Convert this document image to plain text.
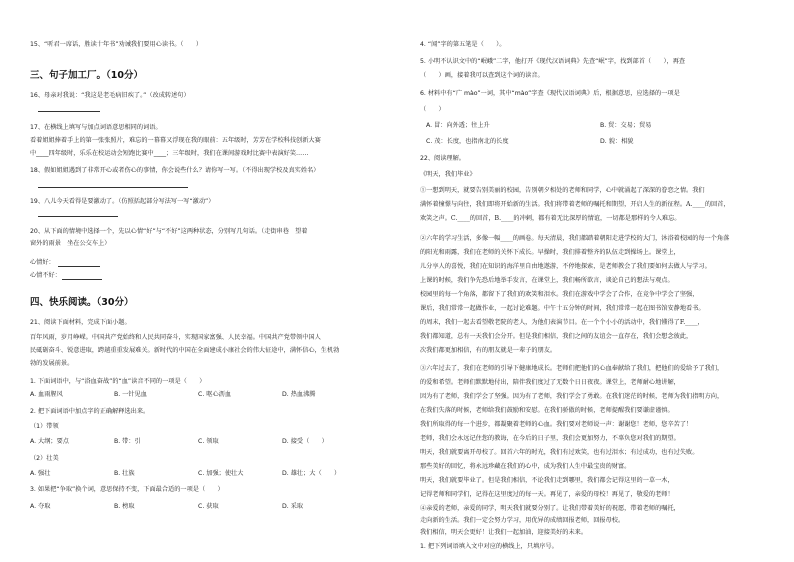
15、“听君一席话，胜读十年书”劝诫我们要用心读书。（　　）
三、句子加工厂。（10分）
16、母亲对我说：“我这是老毛病旧疾了。”（改成转述句）
17、在横线上填写与加点词语意思相同的词语。
看着姐姐捧着手上的第一张张照片，难忘的一幕幕又浮现在我的眼前：五年级时，芳芳在学校科技创新大赛
中____四年级时，乐乐在校运动会短跑比赛中____；三年级时，我们在课间游戏时比赛中表演好笑……
18、假如姐姐遇到了非常开心或者伤心的事情，你会说些什么？请你写一写。（不得出现学校及真实姓名）
19、八儿今天看得是要激动了。（仿照括起部分写法写一写“激动”）
20、从下面的情境中选择一个，先以心情“好”与“不好”这两种状态，分别写几句话。（走街串巷　望着
窗外的雨景　坐在公交车上）
心情好：
心情不好：
四、快乐阅读。（30分）
21、阅读下面材料，完成下面小题。
百年风雨，岁月峥嵘。中国共产党始终和人民共同奋斗，实现国家富强、人民幸福。中国共产党带领中国人
民砥砺奋斗、锐意进取，跨越重重发展难关。新时代的中国在全面建成小康社会的伟大征途中，满怀信心，生机勃
勃的发展前景。
1. 下面词语中，与“浴血奋战”的“血”读音不同的一项是（　　）
A. 血雨腥风	B. 一针见血	C. 呕心沥血	D. 热血沸腾
2. 把下面词语中加点字的正确解释选出来。
（1）带领
A. 大纲；要点	B. 带：引	C. 领取	D. 接受（　　）
（2）壮美
A. 强壮	B. 壮族	C. 加强；使壮大	D. 雄壮；大（　　）
3. 如果把“争取”换个词，意思保持不变，下面最合适的一项是（　　）
A. 夺取	B. 榜取	C. 获取	D. 采取
4. “闻”字的第五笔是（　　）。
5. 小明不认识文中的“岷峨”二字，他打开《现代汉语词典》先查“岷”字，找到部首（　　），再查
（　　）画，接着我可以查到这个词的读音。
6. 材料中有“广 mào”一词，其中“mào”字查《现代汉语词典》后，根据意思，应选择的一项是
（　　）
A. 冒：向外透；往上升	B. 贸：交易；贸易
C. 茂：长度，也指南北的长度	D. 貌：相貌
22、阅读理解。
《明天，我们毕业》
①一想到明天，就要告别美丽的校园，告别朝夕相处的老师和同学，心中就涌起了深深的眷恋之情。我们
满怀着憧憬与向往，我们即将开始新的生活。我们将带着老师的嘱托和期望，开启人生的新征程。A.____的回首，
欢笑之声。C.____的回首，B.____的冲刺，都有着无比深厚的情谊，一切都是那样的令人难忘。
②六年的学习生活，多像一幅____的画卷。每天清晨，我们都踏着朝阳走进学校的大门，沐浴着校园的每一个角落
的阳光和雨露，我们在老师的关怀下成长。早操时，我们排着整齐的队伍走到操场上。课堂上，
儿分享人的喜悦，我们在知识的海洋里自由地遨游，不停地探索，是老师教会了我们要如何去做人与学习。
上课的时候，我们争先恐后地举手发言，在课堂上，我们畅所欲言，谈论自己的想法与观点。
校园里的每一个角落，都留下了我们的欢笑和泪水。我们在游戏中学会了合作，在竞争中学会了坚强，
课后，我们常常一起做作业，一起讨论难题。中午十五分钟的时间，我们常常一起在图书馆安静地看书。
的周末，我们一起去看望敬老院的老人，为他们表演节目。在一个个小小的活动中，我们懂得了F.____，
我们都知道，总有一天我们会分开。但是我们相信，我们之间的友谊会一直存在，我们会想念彼此，
次我们都更加相信，有的朋友就是一辈子的朋友。
③六年过去了，我们在老师的引导下健康地成长。老师们把他们的心血奉献给了我们，把他们的爱给予了我们，
的爱和希望。老师们默默地付出，陪伴我们度过了无数个日日夜夜。课堂上，老师耐心地讲解，
因为有了老师，我们学会了坚强。因为有了老师，我们学会了勇敢。在我们迷茫的时候，老师为我们指明方向，
在我们失落的时候，老师给我们鼓励和安慰。在我们骄傲的时候，老师提醒我们要谦虚谨慎。
我们所取得的每一个进步，都凝聚着老师的心血。我们要对老师说一声：谢谢您！老师，您辛苦了！
老师，我们会永远记住您的教诲，在今后的日子里，我们会更加努力，不辜负您对我们的期望。
明天，我们就要离开母校了。回首六年的时光，我们有过欢笑，也有过泪水；有过成功，也有过失败。
那些美好的回忆，将永远珍藏在我们的心中，成为我们人生中最宝贵的财富。
明天，我们就要毕业了。但是我们相信，不论我们走到哪里，我们都会记得这里的一草一木，
记得老师和同学们，记得在这里度过的每一天。再见了，亲爱的母校！再见了，敬爱的老师！
④亲爱的老师，亲爱的同学，明天我们就要分别了。让我们带着美好的祝愿，带着老师的嘱托，
走向新的生活。我们一定会努力学习，用优异的成绩回报老师，回报母校。
我们相信，明天会更好！让我们一起加油，迎接美好的未来。
1. 把下列词语填入文中对应的横线上，只填序号。
